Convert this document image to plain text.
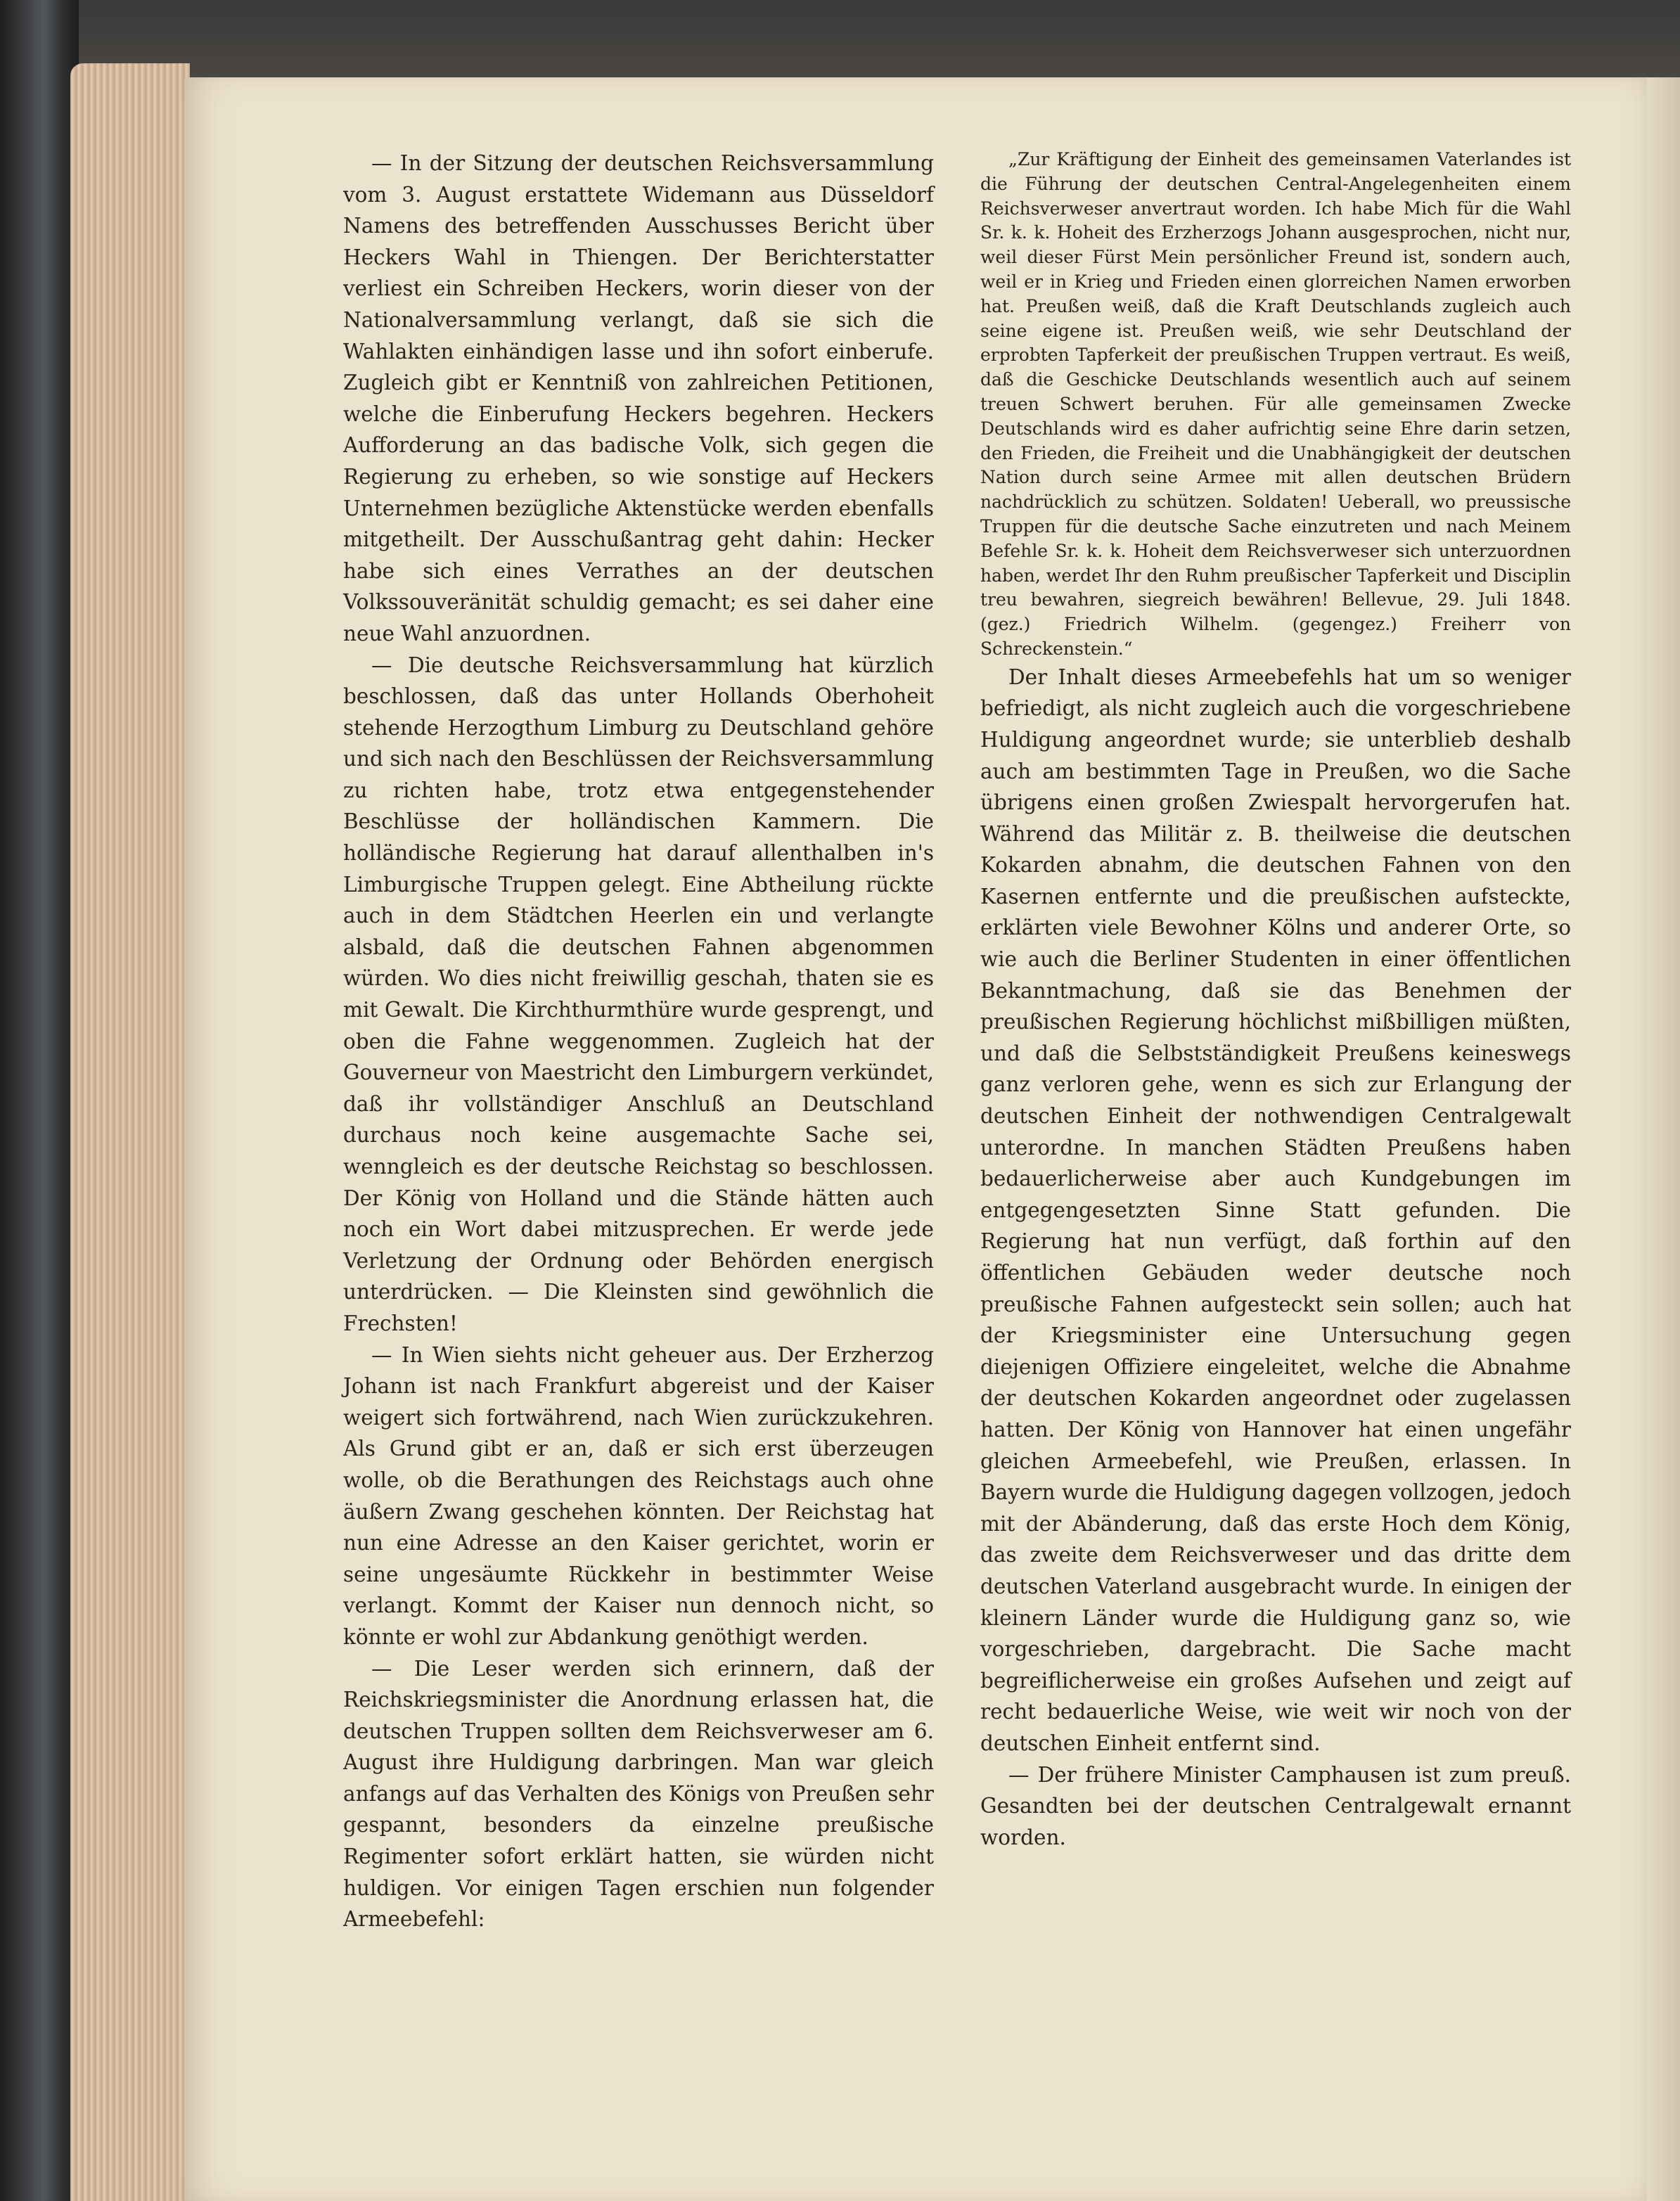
— In der Sitzung der deutschen Reichsversammlung vom 3. August erstattete Widemann aus Düsseldorf Namens des betreffenden Ausschusses Bericht über Heckers Wahl in Thiengen. Der Berichterstatter verliest ein Schreiben Heckers, worin dieser von der Nationalversammlung verlangt, daß sie sich die Wahlakten einhändigen lasse und ihn sofort einberufe. Zugleich gibt er Kenntniß von zahlreichen Petitionen, welche die Einberufung Heckers begehren. Heckers Aufforderung an das badische Volk, sich gegen die Regierung zu erheben, so wie sonstige auf Heckers Unternehmen bezügliche Aktenstücke werden ebenfalls mitgetheilt. Der Ausschußantrag geht dahin: Hecker habe sich eines Verrathes an der deutschen Volkssouveränität schuldig gemacht; es sei daher eine neue Wahl anzuordnen.

— Die deutsche Reichsversammlung hat kürzlich beschlossen, daß das unter Hollands Oberhoheit stehende Herzogthum Limburg zu Deutschland gehöre und sich nach den Beschlüssen der Reichsversammlung zu richten habe, trotz etwa entgegenstehender Beschlüsse der holländischen Kammern. Die holländische Regierung hat darauf allenthalben in's Limburgische Truppen gelegt. Eine Abtheilung rückte auch in dem Städtchen Heerlen ein und verlangte alsbald, daß die deutschen Fahnen abgenommen würden. Wo dies nicht freiwillig geschah, thaten sie es mit Gewalt. Die Kirchthurmthüre wurde gesprengt, und oben die Fahne weggenommen. Zugleich hat der Gouverneur von Maestricht den Limburgern verkündet, daß ihr vollständiger Anschluß an Deutschland durchaus noch keine ausgemachte Sache sei, wenngleich es der deutsche Reichstag so beschlossen. Der König von Holland und die Stände hätten auch noch ein Wort dabei mitzusprechen. Er werde jede Verletzung der Ordnung oder Behörden energisch unterdrücken. — Die Kleinsten sind gewöhnlich die Frechsten!

— In Wien siehts nicht geheuer aus. Der Erzherzog Johann ist nach Frankfurt abgereist und der Kaiser weigert sich fortwährend, nach Wien zurückzukehren. Als Grund gibt er an, daß er sich erst überzeugen wolle, ob die Berathungen des Reichstags auch ohne äußern Zwang geschehen könnten. Der Reichstag hat nun eine Adresse an den Kaiser gerichtet, worin er seine ungesäumte Rückkehr in bestimmter Weise verlangt. Kommt der Kaiser nun dennoch nicht, so könnte er wohl zur Abdankung genöthigt werden.

— Die Leser werden sich erinnern, daß der Reichskriegsminister die Anordnung erlassen hat, die deutschen Truppen sollten dem Reichsverweser am 6. August ihre Huldigung darbringen. Man war gleich anfangs auf das Verhalten des Königs von Preußen sehr gespannt, besonders da einzelne preußische Regimenter sofort erklärt hatten, sie würden nicht huldigen. Vor einigen Tagen erschien nun folgender Armeebefehl:

„Zur Kräftigung der Einheit des gemeinsamen Vaterlandes ist die Führung der deutschen Central-Angelegenheiten einem Reichsverweser anvertraut worden. Ich habe Mich für die Wahl Sr. k. k. Hoheit des Erzherzogs Johann ausgesprochen, nicht nur, weil dieser Fürst Mein persönlicher Freund ist, sondern auch, weil er in Krieg und Frieden einen glorreichen Namen erworben hat. Preußen weiß, daß die Kraft Deutschlands zugleich auch seine eigene ist. Preußen weiß, wie sehr Deutschland der erprobten Tapferkeit der preußischen Truppen vertraut. Es weiß, daß die Geschicke Deutschlands wesentlich auch auf seinem treuen Schwert beruhen. Für alle gemeinsamen Zwecke Deutschlands wird es daher aufrichtig seine Ehre darin setzen, den Frieden, die Freiheit und die Unabhängigkeit der deutschen Nation durch seine Armee mit allen deutschen Brüdern nachdrücklich zu schützen. Soldaten! Ueberall, wo preussische Truppen für die deutsche Sache einzutreten und nach Meinem Befehle Sr. k. k. Hoheit dem Reichsverweser sich unterzuordnen haben, werdet Ihr den Ruhm preußischer Tapferkeit und Disciplin treu bewahren, siegreich bewähren! Bellevue, 29. Juli 1848. (gez.) Friedrich Wilhelm. (gegengez.) Freiherr von Schreckenstein.“

Der Inhalt dieses Armeebefehls hat um so weniger befriedigt, als nicht zugleich auch die vorgeschriebene Huldigung angeordnet wurde; sie unterblieb deshalb auch am bestimmten Tage in Preußen, wo die Sache übrigens einen großen Zwiespalt hervorgerufen hat. Während das Militär z. B. theilweise die deutschen Kokarden abnahm, die deutschen Fahnen von den Kasernen entfernte und die preußischen aufsteckte, erklärten viele Bewohner Kölns und anderer Orte, so wie auch die Berliner Studenten in einer öffentlichen Bekanntmachung, daß sie das Benehmen der preußischen Regierung höchlichst mißbilligen müßten, und daß die Selbstständigkeit Preußens keineswegs ganz verloren gehe, wenn es sich zur Erlangung der deutschen Einheit der nothwendigen Centralgewalt unterordne. In manchen Städten Preußens haben bedauerlicherweise aber auch Kundgebungen im entgegengesetzten Sinne Statt gefunden. Die Regierung hat nun verfügt, daß forthin auf den öffentlichen Gebäuden weder deutsche noch preußische Fahnen aufgesteckt sein sollen; auch hat der Kriegsminister eine Untersuchung gegen diejenigen Offiziere eingeleitet, welche die Abnahme der deutschen Kokarden angeordnet oder zugelassen hatten. Der König von Hannover hat einen ungefähr gleichen Armeebefehl, wie Preußen, erlassen. In Bayern wurde die Huldigung dagegen vollzogen, jedoch mit der Abänderung, daß das erste Hoch dem König, das zweite dem Reichsverweser und das dritte dem deutschen Vaterland ausgebracht wurde. In einigen der kleinern Länder wurde die Huldigung ganz so, wie vorgeschrieben, dargebracht. Die Sache macht begreiflicherweise ein großes Aufsehen und zeigt auf recht bedauerliche Weise, wie weit wir noch von der deutschen Einheit entfernt sind.

— Der frühere Minister Camphausen ist zum preuß. Gesandten bei der deutschen Centralgewalt ernannt worden.
